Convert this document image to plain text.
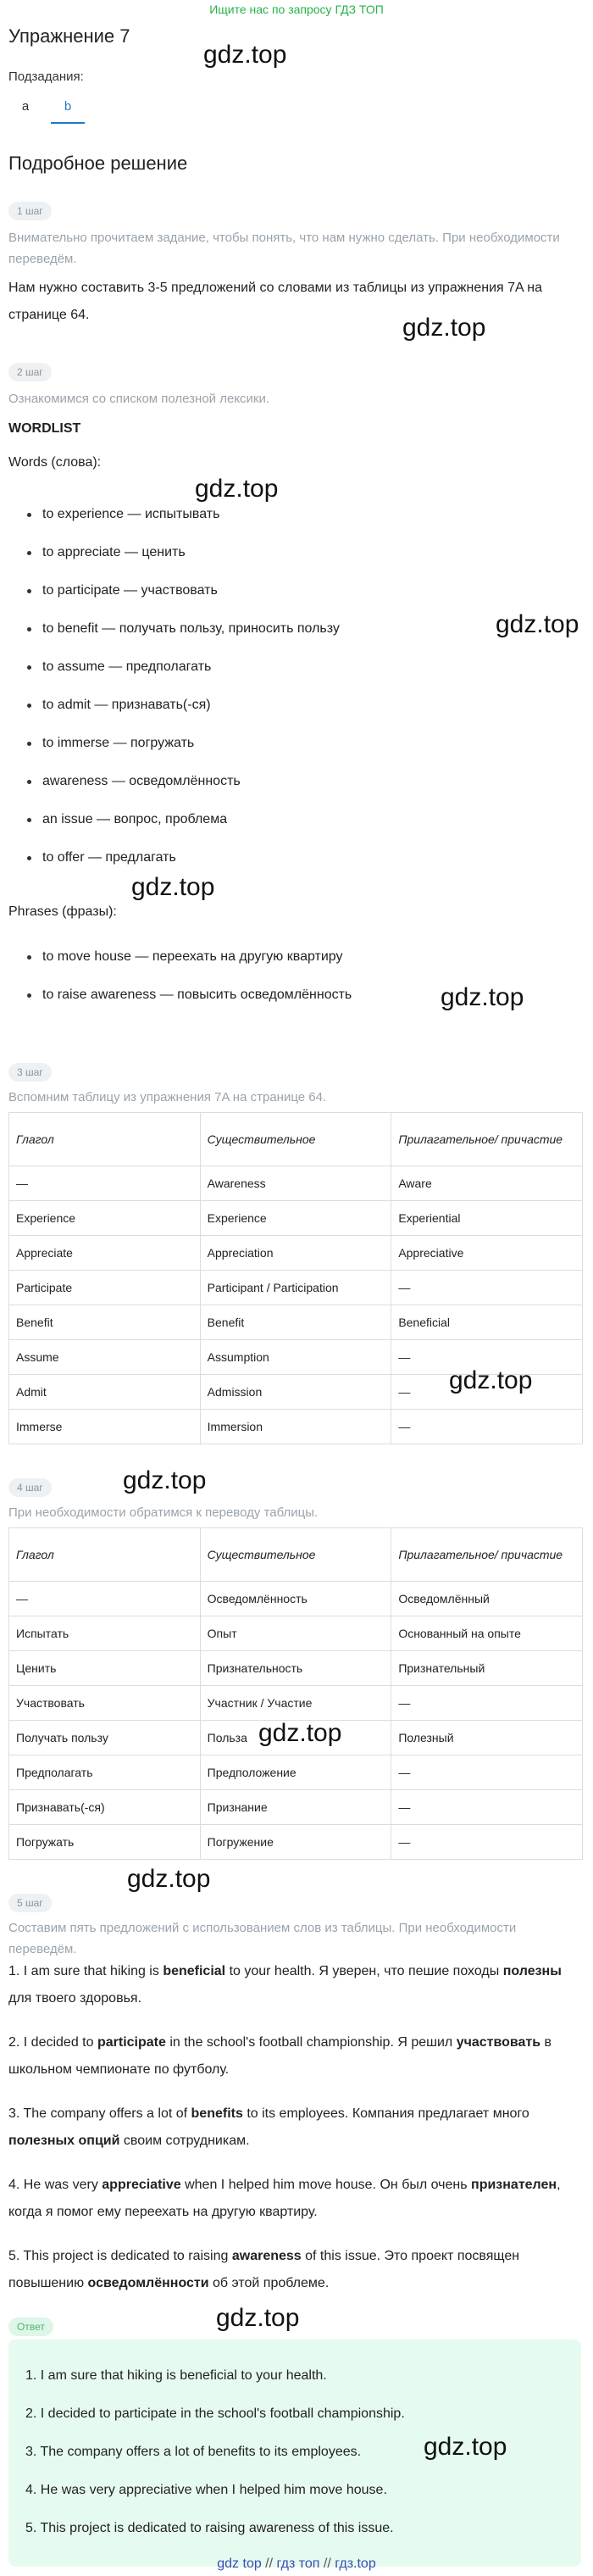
Ищите нас по запросу ГДЗ ТОП
Упражнение 7
Подзадания:
a	b
Подробное решение
1 шаг
Внимательно прочитаем задание, чтобы понять, что нам нужно сделать. При необходимости переведём.
Нам нужно составить 3-5 предложений со словами из таблицы из упражнения 7A на странице 64.
2 шаг
Ознакомимся со списком полезной лексики.
WORDLIST
Words (слова):
to experience — испытывать
to appreciate — ценить
to participate — участвовать
to benefit — получать пользу, приносить пользу
to assume — предполагать
to admit — признавать(-ся)
to immerse — погружать
awareness — осведомлённость
an issue — вопрос, проблема
to offer — предлагать
Phrases (фразы):
to move house — переехать на другую квартиру
to raise awareness — повысить осведомлённость
3 шаг
Вспомним таблицу из упражнения 7A на странице 64.
Глагол	Существительное	Прилагательное/ причастие
—	Awareness	Aware
Experience	Experience	Experiential
Appreciate	Appreciation	Appreciative
Participate	Participant / Participation	—
Benefit	Benefit	Beneficial
Assume	Assumption	—
Admit	Admission	—
Immerse	Immersion	—
4 шаг
При необходимости обратимся к переводу таблицы.
Глагол	Существительное	Прилагательное/ причастие
—	Осведомлённость	Осведомлённый
Испытать	Опыт	Основанный на опыте
Ценить	Признательность	Признательный
Участвовать	Участник / Участие	—
Получать пользу	Польза	Полезный
Предполагать	Предположение	—
Признавать(-ся)	Признание	—
Погружать	Погружение	—
5 шаг
Составим пять предложений с использованием слов из таблицы. При необходимости переведём.
1. I am sure that hiking is beneficial to your health. Я уверен, что пешие походы полезны для твоего здоровья.
2. I decided to participate in the school's football championship. Я решил участвовать в школьном чемпионате по футболу.
3. The company offers a lot of benefits to its employees. Компания предлагает много полезных опций своим сотрудникам.
4. He was very appreciative when I helped him move house. Он был очень признателен, когда я помог ему переехать на другую квартиру.
5. This project is dedicated to raising awareness of this issue. Это проект посвящен повышению осведомлённости об этой проблеме.

1. I am sure that hiking is beneficial to your health.

2. I decided to participate in the school's football championship.

3. The company offers a lot of benefits to its employees.

4. He was very appreciative when I helped him move house.

5. This project is dedicated to raising awareness of this issue.

Ответ
gdz.top
gdz.top
gdz.top
gdz.top
gdz.top
gdz.top
gdz.top
gdz.top
gdz.top
gdz.top
gdz.top
gdz.top
gdz top // гдз топ // гдз.top
